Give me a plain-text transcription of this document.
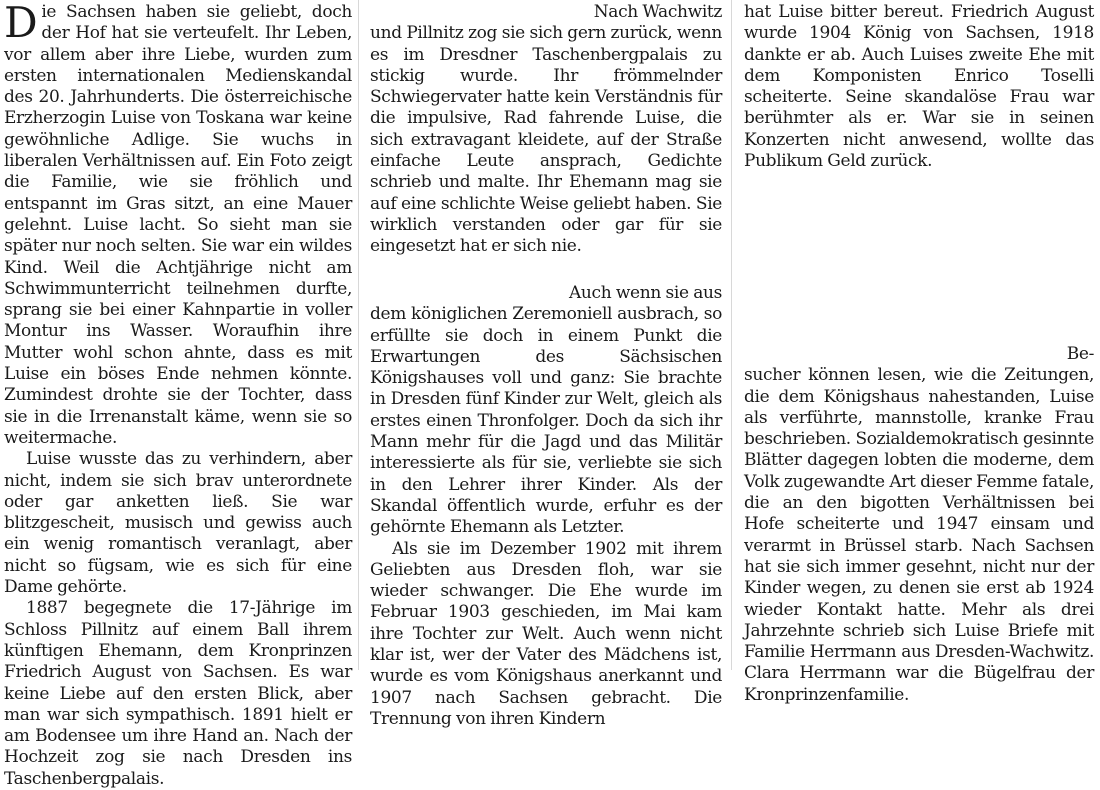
Die Sachsen haben sie geliebt, doch der Hof hat sie verteufelt. Ihr Leben, vor allem aber ihre Liebe, wurden zum ersten internationalen Medienskandal des 20. Jahrhunderts. Die österreichische Erzherzogin Luise von Toskana war keine gewöhnliche Adlige. Sie wuchs in liberalen Verhältnissen auf. Ein Foto zeigt die Familie, wie sie fröhlich und entspannt im Gras sitzt, an eine Mauer gelehnt. Luise lacht. So sieht man sie später nur noch selten. Sie war ein wildes Kind. Weil die Achtjährige nicht am Schwimmunterricht teilnehmen durfte, sprang sie bei einer Kahnpartie in voller Montur ins Wasser. Woraufhin ihre Mutter wohl schon ahnte, dass es mit Luise ein böses Ende nehmen könnte. Zumindest drohte sie der Tochter, dass sie in die Irrenanstalt käme, wenn sie so weitermache.

Luise wusste das zu verhindern, aber nicht, indem sie sich brav unterordnete oder gar anketten ließ. Sie war blitzgescheit, musisch und gewiss auch ein wenig romantisch veranlagt, aber nicht so fügsam, wie es sich für eine Dame gehörte.

1887 begegnete die 17-Jährige im Schloss Pillnitz auf einem Ball ihrem künftigen Ehemann, dem Kronprinzen Friedrich August von Sachsen. Es war keine Liebe auf den ersten Blick, aber man war sich sympathisch. 1891 hielt er am Bodensee um ihre Hand an. Nach der Hochzeit zog sie nach Dresden ins Taschenbergpalais.

Nach Wachwitz

und Pillnitz zog sie sich gern zurück, wenn es im Dresdner Taschenbergpalais zu stickig wurde. Ihr frömmelnder Schwiegervater hatte kein Verständnis für die impulsive, Rad fahrende Luise, die sich extravagant kleidete, auf der Straße einfache Leute ansprach, Gedichte schrieb und malte. Ihr Ehemann mag sie auf eine schlichte Weise geliebt haben. Sie wirklich verstanden oder gar für sie eingesetzt hat er sich nie.

Auch wenn sie aus

dem königlichen Zeremoniell ausbrach, so erfüllte sie doch in einem Punkt die Erwartungen des Sächsischen Königshauses voll und ganz: Sie brachte in Dresden fünf Kinder zur Welt, gleich als erstes einen Thronfolger. Doch da sich ihr Mann mehr für die Jagd und das Militär interessierte als für sie, verliebte sie sich in den Lehrer ihrer Kinder. Als der Skandal öffentlich wurde, erfuhr es der gehörnte Ehemann als Letzter.

Als sie im Dezember 1902 mit ihrem Geliebten aus Dresden floh, war sie wieder schwanger. Die Ehe wurde im Februar 1903 geschieden, im Mai kam ihre Tochter zur Welt. Auch wenn nicht klar ist, wer der Vater des Mädchens ist, wurde es vom Königshaus anerkannt und 1907 nach Sachsen gebracht. Die Trennung von ihren Kindern

hat Luise bitter bereut. Friedrich August wurde 1904 König von Sachsen, 1918 dankte er ab. Auch Luises zweite Ehe mit dem Komponisten Enrico Toselli scheiterte. Seine skandalöse Frau war berühmter als er. War sie in seinen Konzerten nicht anwesend, wollte das Publikum Geld zurück.

Be-

sucher können lesen, wie die Zeitungen, die dem Königshaus nahestanden, Luise als verführte, mannstolle, kranke Frau beschrieben. Sozialdemokratisch gesinnte Blätter dagegen lobten die moderne, dem Volk zugewandte Art dieser Femme fatale, die an den bigotten Verhältnissen bei Hofe scheiterte und 1947 einsam und verarmt in Brüssel starb. Nach Sachsen hat sie sich immer gesehnt, nicht nur der Kinder wegen, zu denen sie erst ab 1924 wieder Kontakt hatte. Mehr als drei Jahrzehnte schrieb sich Luise Briefe mit Familie Herrmann aus Dresden-Wachwitz. Clara Herrmann war die Bügelfrau der Kronprinzenfamilie.
